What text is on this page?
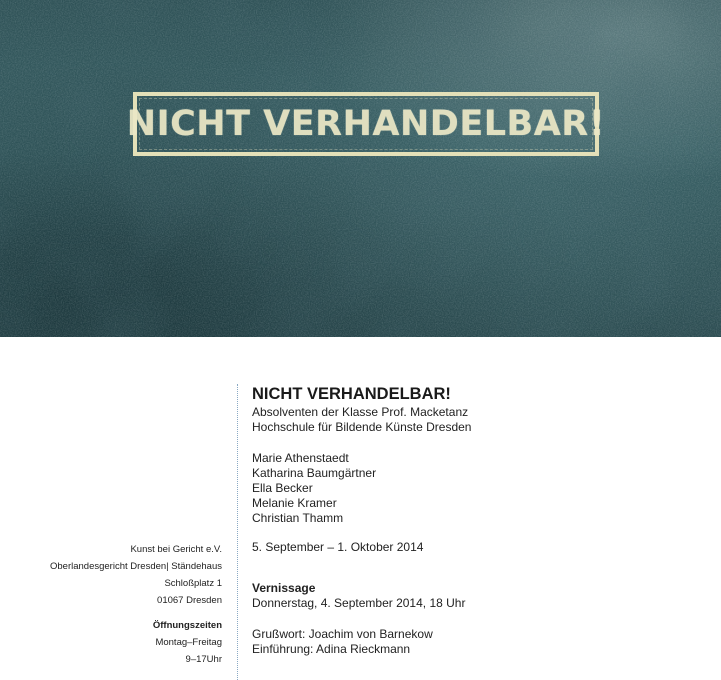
NICHT VERHANDELBAR!
Kunst bei Gericht e.V.
Oberlandesgericht Dresden| Ständehaus
Schloßplatz 1
01067 Dresden
Öffnungszeiten
Montag–Freitag
9–17Uhr
NICHT VERHANDELBAR!
Absolventen der Klasse Prof. Macketanz
Hochschule für Bildende Künste Dresden
Marie Athenstaedt
Katharina Baumgärtner
Ella Becker
Melanie Kramer
Christian Thamm
5. September – 1. Oktober 2014
Vernissage
Donnerstag, 4. September 2014, 18 Uhr
Grußwort: Joachim von Barnekow
Einführung: Adina Rieckmann
